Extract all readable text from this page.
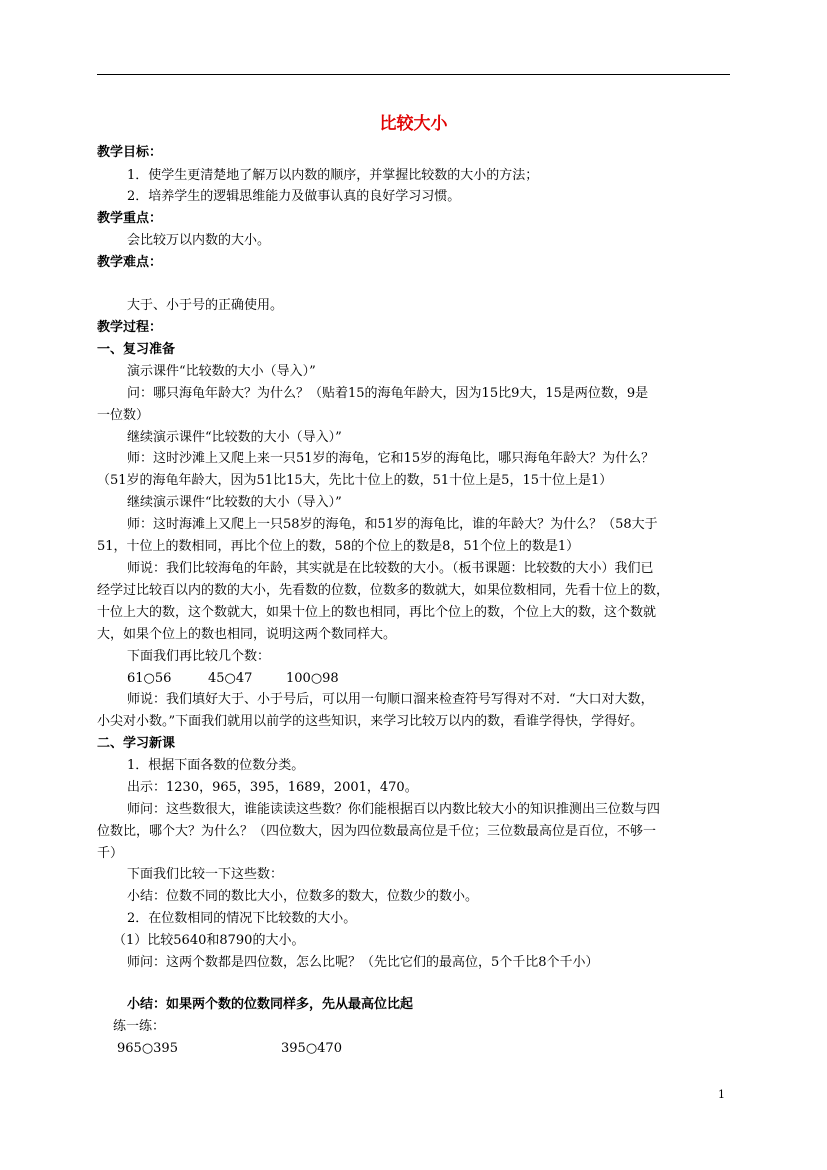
比较大小
教学目标：
1．使学生更清楚地了解万以内数的顺序，并掌握比较数的大小的方法；
2．培养学生的逻辑思维能力及做事认真的良好学习习惯。
教学重点：
会比较万以内数的大小。
教学难点：
大于、小于号的正确使用。
教学过程：
一、复习准备
演示课件“比较数的大小（导入）”
问：哪只海龟年龄大？为什么？（贴着15的海龟年龄大，因为15比9大，15是两位数，9是
一位数）
继续演示课件“比较数的大小（导入）”
师：这时沙滩上又爬上来一只51岁的海龟，它和15岁的海龟比，哪只海龟年龄大？为什么？
（51岁的海龟年龄大，因为51比15大，先比十位上的数，51十位上是5，15十位上是1）
继续演示课件“比较数的大小（导入）”
师：这时海滩上又爬上一只58岁的海龟，和51岁的海龟比，谁的年龄大？为什么？（58大于
51，十位上的数相同，再比个位上的数，58的个位上的数是8，51个位上的数是1）
师说：我们比较海龟的年龄，其实就是在比较数的大小。（板书课题：比较数的大小）我们已
经学过比较百以内的数的大小，先看数的位数，位数多的数就大，如果位数相同，先看十位上的数，
十位上大的数，这个数就大，如果十位上的数也相同，再比个位上的数，个位上大的数，这个数就
大，如果个位上的数也相同，说明这两个数同样大。
下面我们再比较几个数：
61○56	45○47	100○98
师说：我们填好大于、小于号后，可以用一句顺口溜来检查符号写得对不对．“大口对大数，
小尖对小数。”下面我们就用以前学的这些知识，来学习比较万以内的数，看谁学得快，学得好。
二、学习新课
1．根据下面各数的位数分类。
出示：1230，965，395，1689，2001，470。
师问：这些数很大，谁能读读这些数？你们能根据百以内数比较大小的知识推测出三位数与四
位数比，哪个大？为什么？（四位数大，因为四位数最高位是千位；三位数最高位是百位，不够一
千）
下面我们比较一下这些数：
小结：位数不同的数比大小，位数多的数大，位数少的数小。
2．在位数相同的情况下比较数的大小。
（1）比较5640和8790的大小。
师问：这两个数都是四位数，怎么比呢？（先比它们的最高位，5个千比8个千小）
小结：如果两个数的位数同样多，先从最高位比起
练一练：
965○395	395○470
1
